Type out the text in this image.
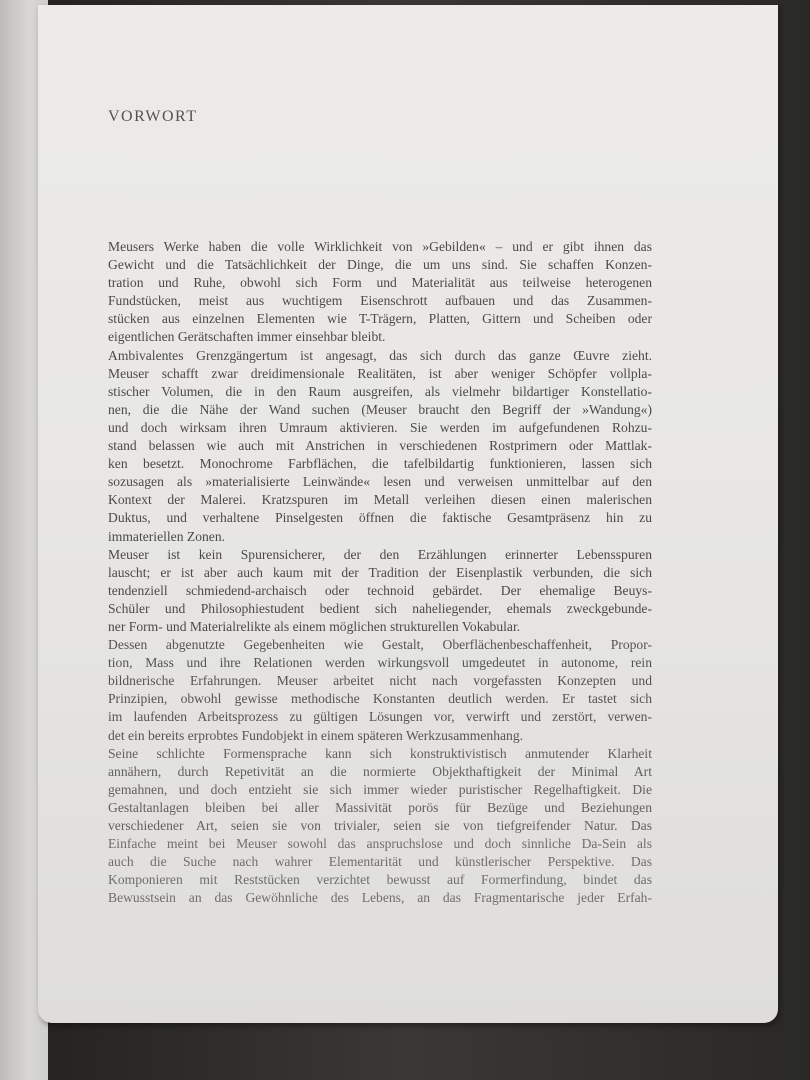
VORWORT
Meusers Werke haben die volle Wirklichkeit von »Gebilden« – und er gibt ihnen das
Gewicht und die Tatsächlichkeit der Dinge, die um uns sind. Sie schaffen Konzen-
tration und Ruhe, obwohl sich Form und Materialität aus teilweise heterogenen
Fundstücken, meist aus wuchtigem Eisenschrott aufbauen und das Zusammen-
stücken aus einzelnen Elementen wie T-Trägern, Platten, Gittern und Scheiben oder
eigentlichen Gerätschaften immer einsehbar bleibt.
Ambivalentes Grenzgängertum ist angesagt, das sich durch das ganze Œuvre zieht.
Meuser schafft zwar dreidimensionale Realitäten, ist aber weniger Schöpfer vollpla-
stischer Volumen, die in den Raum ausgreifen, als vielmehr bildartiger Konstellatio-
nen, die die Nähe der Wand suchen (Meuser braucht den Begriff der »Wandung«)
und doch wirksam ihren Umraum aktivieren. Sie werden im aufgefundenen Rohzu-
stand belassen wie auch mit Anstrichen in verschiedenen Rostprimern oder Mattlak-
ken besetzt. Monochrome Farbflächen, die tafelbildartig funktionieren, lassen sich
sozusagen als »materialisierte Leinwände« lesen und verweisen unmittelbar auf den
Kontext der Malerei. Kratzspuren im Metall verleihen diesen einen malerischen
Duktus, und verhaltene Pinselgesten öffnen die faktische Gesamtpräsenz hin zu
immateriellen Zonen.
Meuser ist kein Spurensicherer, der den Erzählungen erinnerter Lebensspuren
lauscht; er ist aber auch kaum mit der Tradition der Eisenplastik verbunden, die sich
tendenziell schmiedend-archaisch oder technoid gebärdet. Der ehemalige Beuys-
Schüler und Philosophiestudent bedient sich naheliegender, ehemals zweckgebunde-
ner Form- und Materialrelikte als einem möglichen strukturellen Vokabular.
Dessen abgenutzte Gegebenheiten wie Gestalt, Oberflächenbeschaffenheit, Propor-
tion, Mass und ihre Relationen werden wirkungsvoll umgedeutet in autonome, rein
bildnerische Erfahrungen. Meuser arbeitet nicht nach vorgefassten Konzepten und
Prinzipien, obwohl gewisse methodische Konstanten deutlich werden. Er tastet sich
im laufenden Arbeitsprozess zu gültigen Lösungen vor, verwirft und zerstört, verwen-
det ein bereits erprobtes Fundobjekt in einem späteren Werkzusammenhang.
Seine schlichte Formensprache kann sich konstruktivistisch anmutender Klarheit
annähern, durch Repetivität an die normierte Objekthaftigkeit der Minimal Art
gemahnen, und doch entzieht sie sich immer wieder puristischer Regelhaftigkeit. Die
Gestaltanlagen bleiben bei aller Massivität porös für Bezüge und Beziehungen
verschiedener Art, seien sie von trivialer, seien sie von tiefgreifender Natur. Das
Einfache meint bei Meuser sowohl das anspruchslose und doch sinnliche Da-Sein als
auch die Suche nach wahrer Elementarität und künstlerischer Perspektive. Das
Komponieren mit Reststücken verzichtet bewusst auf Formerfindung, bindet das
Bewusstsein an das Gewöhnliche des Lebens, an das Fragmentarische jeder Erfah-
